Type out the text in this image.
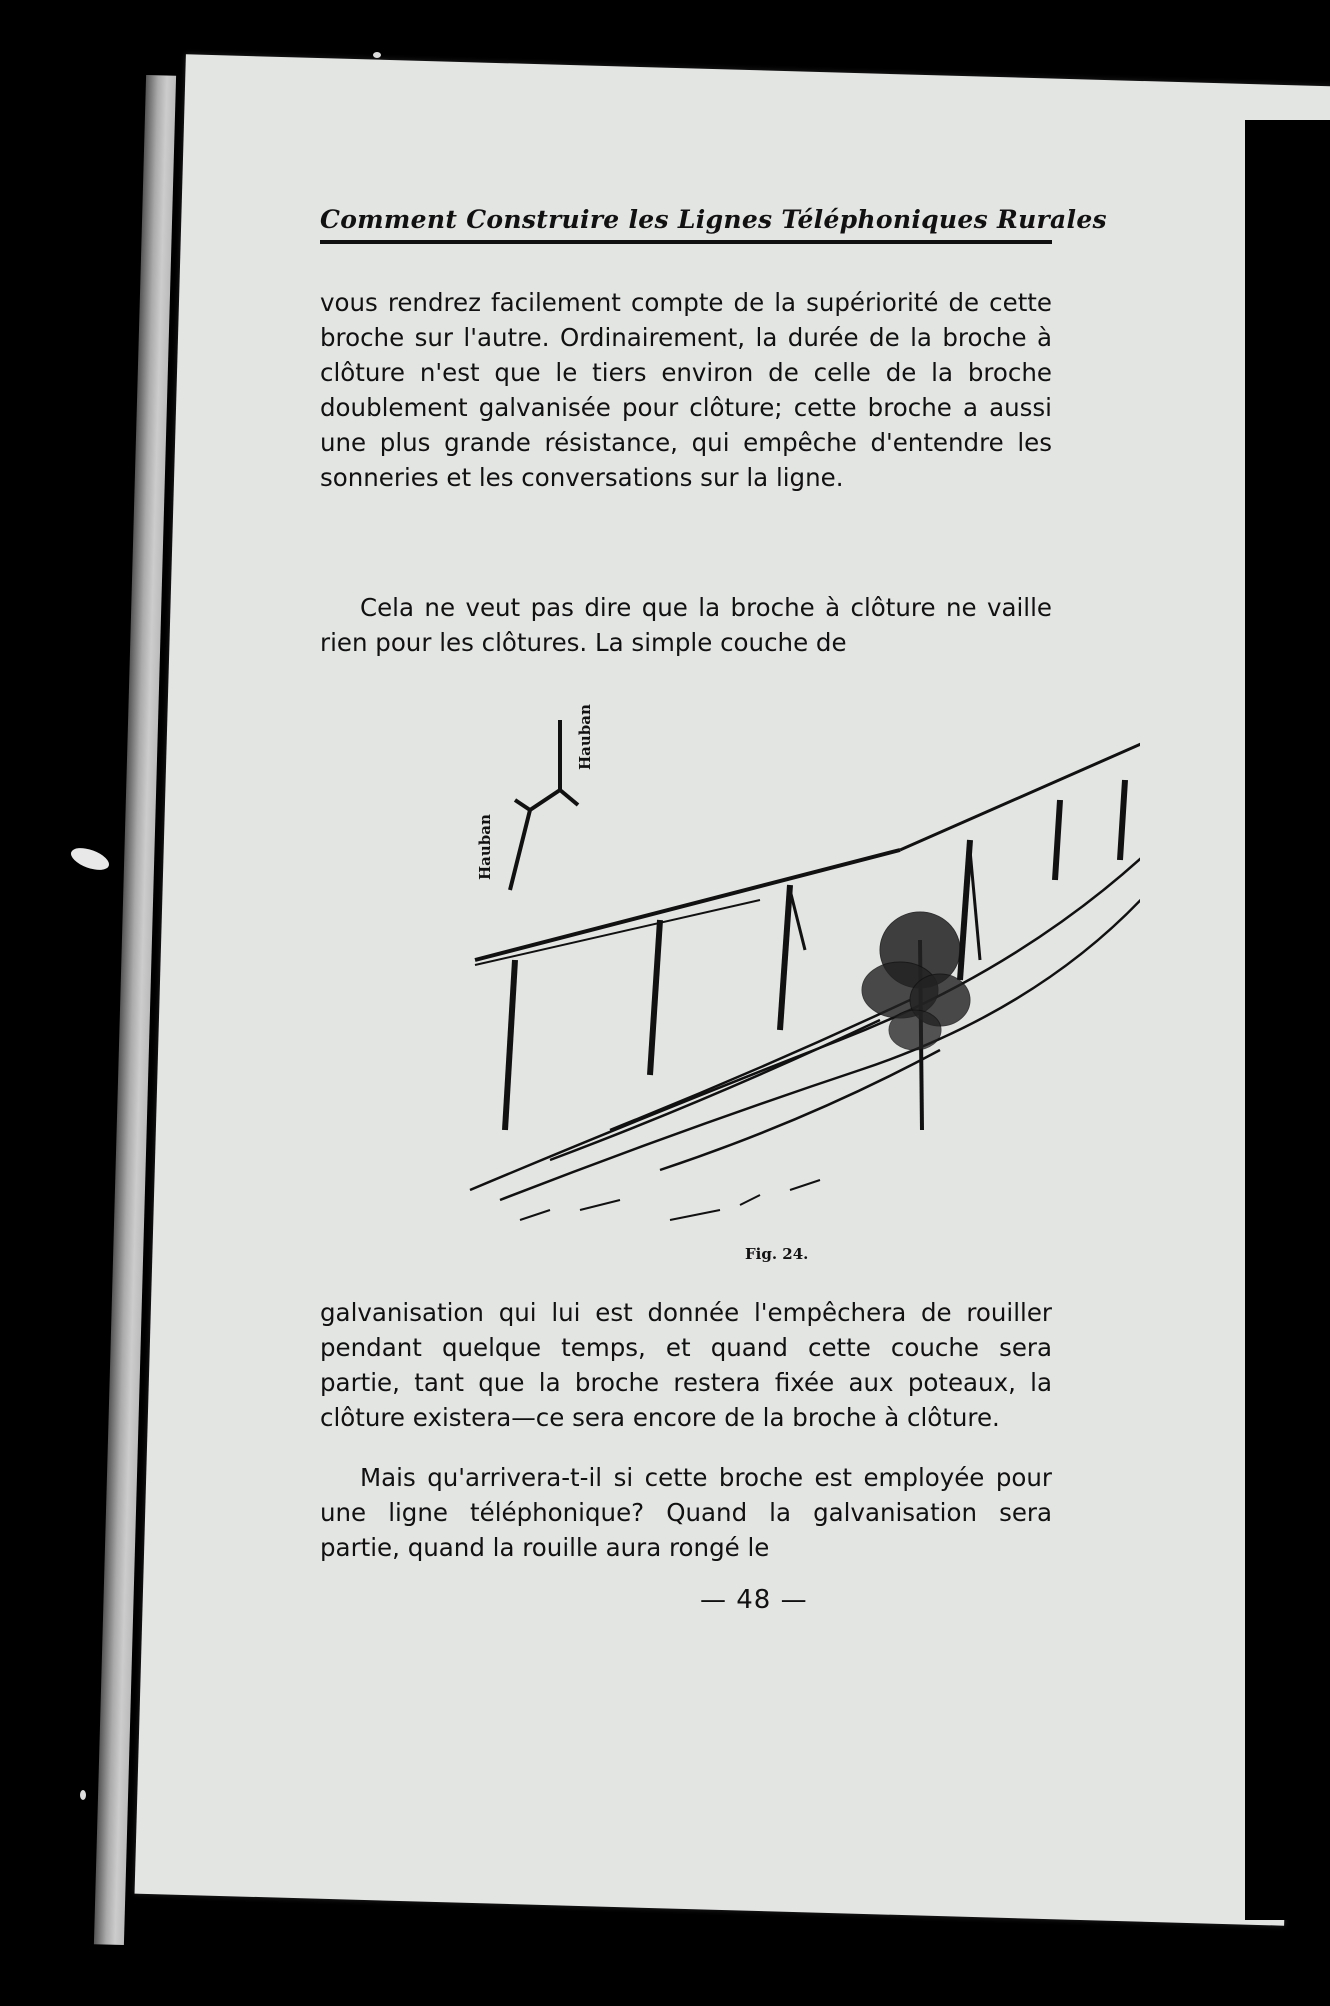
Comment Construire les Lignes Téléphoniques Rurales

vous rendrez facilement compte de la supériorité de cette broche sur l'autre. Ordinairement, la durée de la broche à clôture n'est que le tiers environ de celle de la broche doublement galvanisée pour clôture; cette broche a aussi une plus grande résistance, qui empêche d'entendre les sonneries et les conversations sur la ligne.

Cela ne veut pas dire que la broche à clôture ne vaille rien pour les clôtures. La simple couche de

Hauban
Hauban
Fig. 24.

galvanisation qui lui est donnée l'empêchera de rouiller pendant quelque temps, et quand cette couche sera partie, tant que la broche restera fixée aux poteaux, la clôture existera—ce sera encore de la broche à clôture.

Mais qu'arrivera-t-il si cette broche est employée pour une ligne téléphonique? Quand la galvanisation sera partie, quand la rouille aura rongé le

— 48 —
